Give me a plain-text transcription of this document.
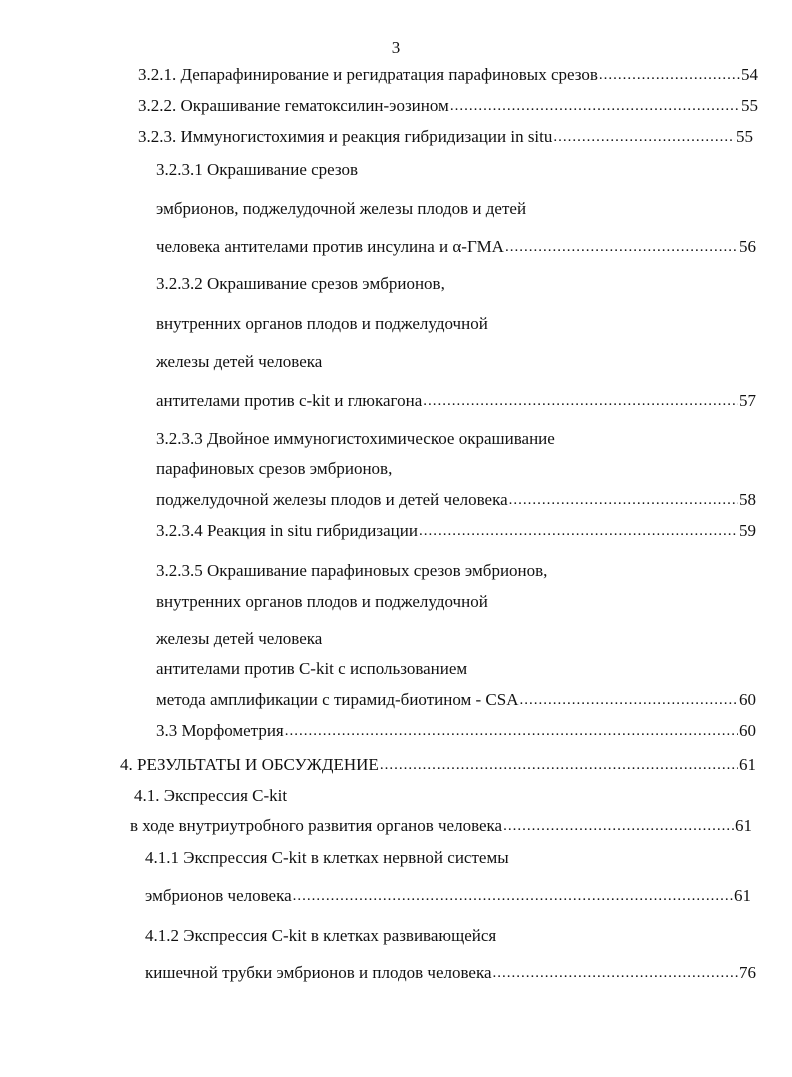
3
3.2.1. Депарафинирование и регидратация парафиновых срезов .....	54
3.2.2. Окрашивание гематоксилин-эозином .....	55
3.2.3. Иммуногистохимия и реакция гибридизации in situ .....	55
3.2.3.1 Окрашивание срезов
эмбрионов, поджелудочной железы плодов и детей
человека антителами против инсулина и α-ГМА .....	56
3.2.3.2 Окрашивание срезов эмбрионов,
внутренних органов плодов и поджелудочной
железы детей человека
антителами против c-kit и глюкагона .....	57
3.2.3.3 Двойное иммуногистохимическое окрашивание
парафиновых срезов эмбрионов,
поджелудочной железы плодов и детей человека .....	58
3.2.3.4 Реакция in situ гибридизации .....	59
3.2.3.5 Окрашивание парафиновых срезов эмбрионов,
внутренних органов плодов и поджелудочной
железы детей человека
антителами против C-kit с использованием
метода амплификации с тирамид-биотином - CSA .....	60
3.3 Морфометрия .....	60
4. РЕЗУЛЬТАТЫ И ОБСУЖДЕНИЕ .....	61
4.1. Экспрессия C-kit
в ходе внутриутробного развития органов человека .....	61
4.1.1 Экспрессия C-kit в клетках нервной системы
эмбрионов человека .....	61
4.1.2 Экспрессия C-kit в клетках развивающейся
кишечной трубки эмбрионов и плодов человека .....	76
